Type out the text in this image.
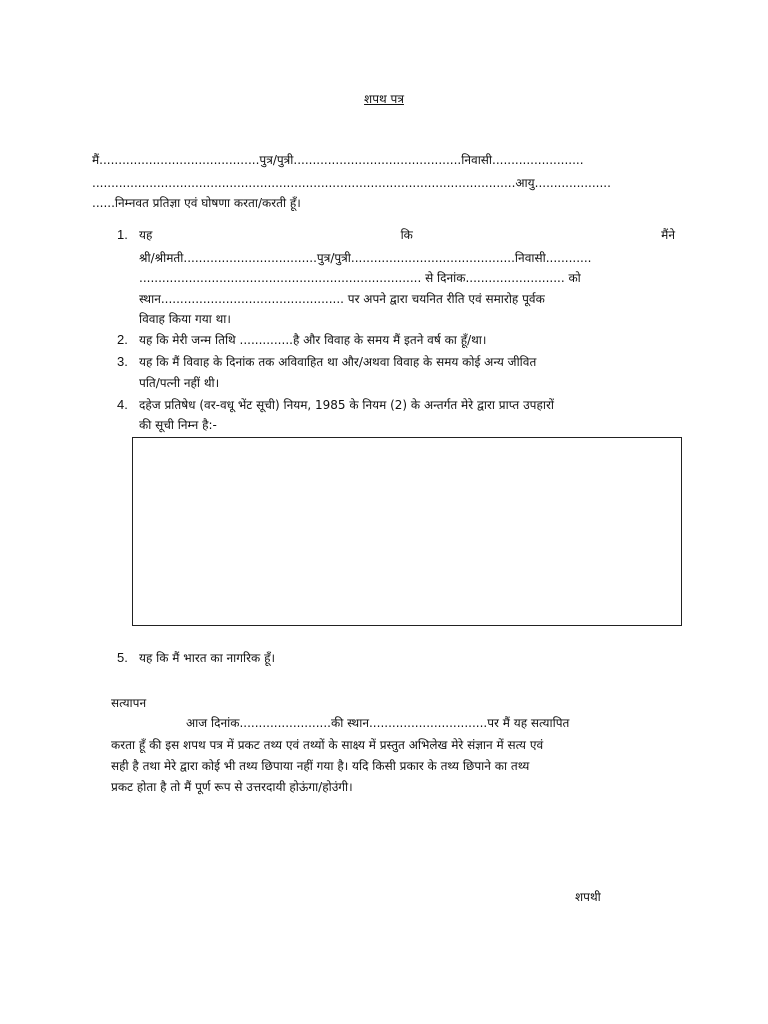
शपथ पत्र
मैं..........................................पुत्र/पुत्री............................................निवासी........................
...............................................................................................................आयु....................
......निम्नवत प्रतिज्ञा एवं घोषणा करता/करती हूँ।
1. यह	कि	मैंने
श्री/श्रीमती...................................पुत्र/पुत्री...........................................निवासी............
.......................................................................... से दिनांक.......................... को
स्थान................................................ पर अपने द्वारा चयनित रीति एवं समारोह पूर्वक
विवाह किया गया था।
2. यह कि मेरी जन्म तिथि ..............है और विवाह के समय मैं इतने वर्ष का हूँ/था।
3. यह कि मैं विवाह के दिनांक तक अविवाहित था और/अथवा विवाह के समय कोई अन्य जीवित
पति/पत्नी नहीं थी।
4. दहेज प्रतिषेध (वर-वधू भेंट सूची) नियम, 1985 के नियम (2) के अन्तर्गत मेरे द्वारा प्राप्त उपहारों
की सूची निम्न है:-
5. यह कि मैं भारत का नागरिक हूँ।
सत्यापन
आज दिनांक........................की स्थान...............................पर मैं यह सत्यापित
करता हूँ की इस शपथ पत्र में प्रकट तथ्य एवं तथ्यों के साक्ष्य में प्रस्तुत अभिलेख मेरे संज्ञान में सत्य एवं
सही है तथा मेरे द्वारा कोई भी तथ्य छिपाया नहीं गया है। यदि किसी प्रकार के तथ्य छिपाने का तथ्य
प्रकट होता है तो मैं पूर्ण रूप से उत्तरदायी होऊंगा/होउंगी।
शपथी
